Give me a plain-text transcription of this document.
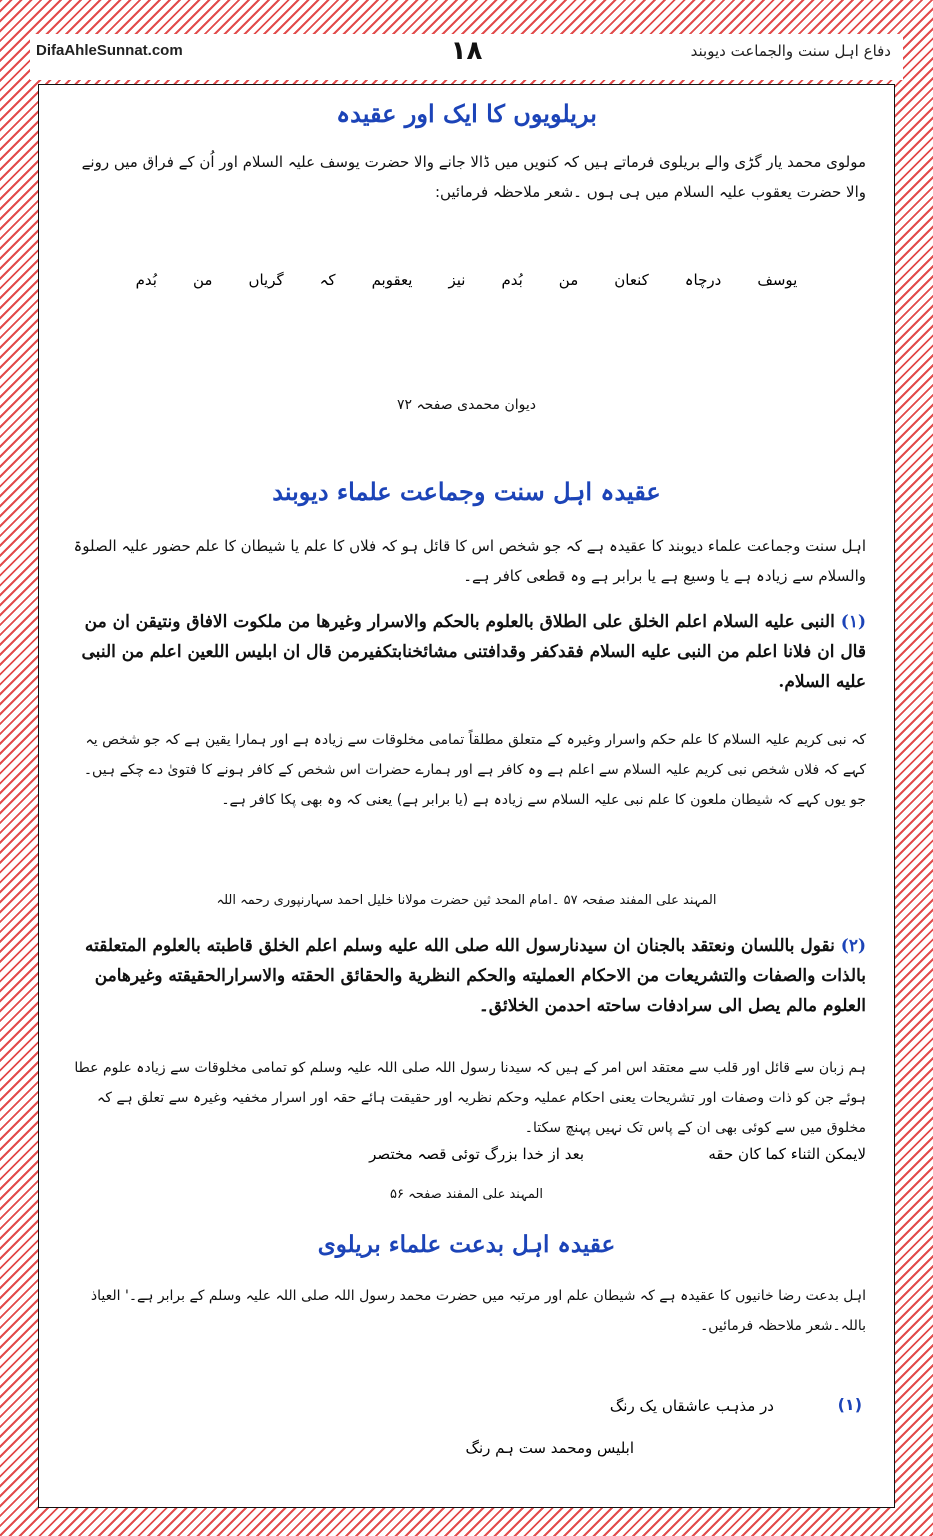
DifaAhleSunnat.com	۱۸	دفاع اہل سنت والجماعت دیوبند
بریلویوں کا ایک اور عقیدہ
مولوی محمد یار گڑی والے بریلوی فرماتے ہیں کہ کنویں میں ڈالا جانے والا حضرت یوسف علیہ السلام اور اُن کے فراق میں رونے والا حضرت یعقوب علیہ السلام میں ہی ہوں ۔شعر ملاحظہ فرمائیں:
یوسف
درچاہ
کنعان
من
بُدم
نیز
یعقوبم
کہ
گریاں
من
بُدم
دیوان محمدی صفحہ ۷۲
عقیدہ اہل سنت وجماعت علماء دیوبند
اہل سنت وجماعت علماء دیوبند کا عقیدہ ہے کہ جو شخص اس کا قائل ہو کہ فلاں کا علم یا شیطان کا علم حضور علیہ الصلوۃ والسلام سے زیادہ ہے یا وسیع ہے یا برابر ہے وہ قطعی کافر ہے۔
(۱) النبی علیه السلام اعلم الخلق علی الطلاق بالعلوم بالحکم والاسرار وغیرها من ملکوت الافاق ونتیقن ان من قال ان فلانا اعلم من النبی علیه السلام فقدکفر وقدافتنی مشائخنابتکفیرمن قال ان ابلیس اللعین اعلم من النبی علیه السلام.
کہ نبی کریم علیہ السلام کا علم حکم واسرار وغیرہ کے متعلق مطلقاً تمامی مخلوقات سے زیادہ ہے اور ہمارا یقین ہے کہ جو شخص یہ کہے کہ فلاں شخص نبی کریم علیہ السلام سے اعلم ہے وہ کافر ہے اور ہمارے حضرات اس شخص کے کافر ہونے کا فتویٰ دے چکے ہیں۔ جو یوں کہے کہ شیطان ملعون کا علم نبی علیہ السلام سے زیادہ ہے (یا برابر ہے) یعنی کہ وہ بھی پکا کافر ہے۔
المہند علی المفند صفحہ ۵۷ ۔امام المحد ثین حضرت مولانا خلیل احمد سہارنپوری رحمہ اللہ
(۲) نقول باللسان ونعتقد بالجنان ان سیدنارسول الله صلی الله علیه وسلم اعلم الخلق قاطبته بالعلوم المتعلقته بالذات والصفات والتشریعات من الاحکام العملیته والحکم النظریة والحقائق الحقته والاسرارالحقیقته وغیرهامن العلوم مالم یصل الی سرادفات ساحته احدمن الخلائق۔
ہم زبان سے قائل اور قلب سے معتقد اس امر کے ہیں کہ سیدنا رسول اللہ صلی اللہ علیہ وسلم کو تمامی مخلوقات سے زیادہ علوم عطا ہوئے جن کو ذات وصفات اور تشریحات یعنی احکام عملیہ وحکم نظریہ اور حقیقت ہائے حقہ اور اسرار مخفیہ وغیرہ سے تعلق ہے کہ مخلوق میں سے کوئی بھی ان کے پاس تک نہیں پہنچ سکتا۔
لایمکن الثناء کما کان حقه
بعد از خدا بزرگ توئی قصہ مختصر
المہند علی المفند صفحہ ۵۶
عقیدہ اہل بدعت علماء بریلوی
اہل بدعت رضا خانیوں کا عقیدہ ہے کہ شیطان علم اور مرتبہ میں حضرت محمد رسول اللہ صلی اللہ علیہ وسلم کے برابر ہے۔' العیاذ باللہ۔شعر ملاحظہ فرمائیں۔
(۱)
در مذہب عاشقاں یک رنگ
ابلیس ومحمد ست ہم رنگ
